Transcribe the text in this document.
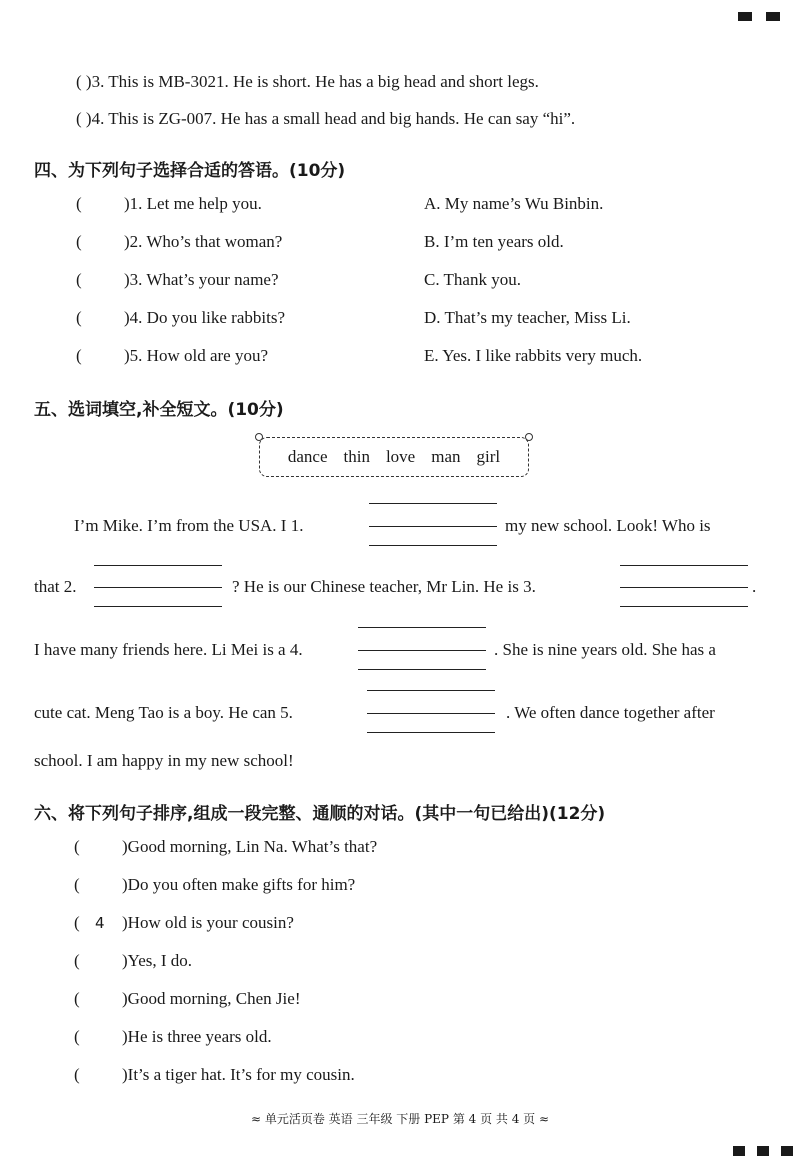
( )3. This is MB-3021. He is short. He has a big head and short legs.
( )4. This is ZG-007. He has a small head and big hands. He can say “hi”.
四、为下列句子选择合适的答语。(10分)
( )1. Let me help you.	A. My name’s Wu Binbin.
( )2. Who’s that woman?	B. I’m ten years old.
( )3. What’s your name?	C. Thank you.
( )4. Do you like rabbits?	D. That’s my teacher, Miss Li.
( )5. How old are you?	E. Yes. I like rabbits very much.
五、选词填空,补全短文。(10分)
dance thin love man girl
I’m Mike. I’m from the USA. I 1.	my new school. Look! Who is
that 2.	? He is our Chinese teacher, Mr Lin. He is 3.	.
I have many friends here. Li Mei is a 4.	. She is nine years old. She has a
cute cat. Meng Tao is a boy. He can 5.	. We often dance together after
school. I am happy in my new school!
六、将下列句子排序,组成一段完整、通顺的对话。(其中一句已给出)(12分)
( )Good morning, Lin Na. What’s that?
( )Do you often make gifts for him?
( 4 )How old is your cousin?
( )Yes, I do.
( )Good morning, Chen Jie!
( )He is three years old.
( )It’s a tiger hat. It’s for my cousin.
≈ 单元活页卷 英语 三年级 下册 PEP 第 4 页 共 4 页 ≈
